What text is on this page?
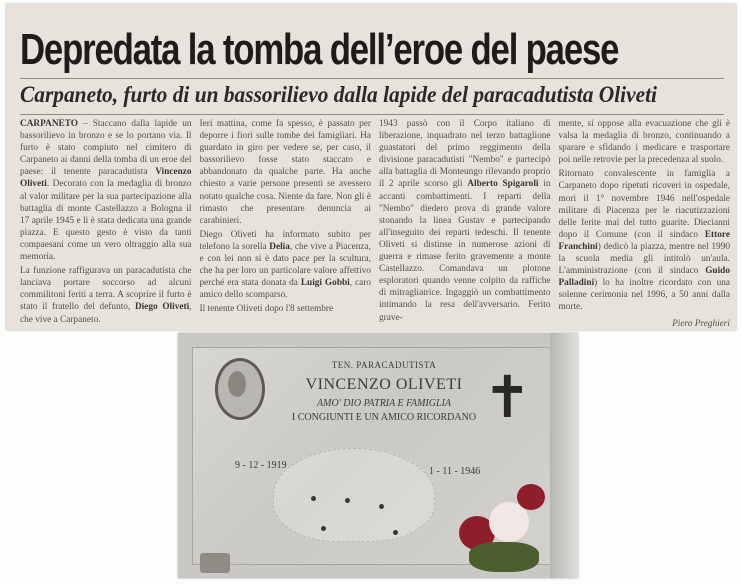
Depredata la tomba dell’eroe del paese
Carpaneto, furto di un bassorilievo dalla lapide del paracadutista Oliveti

CARPANETO – Staccano dalla lapide un bassorilievo in bronzo e se lo portano via. Il furto è stato compiuto nel cimitero di Carpaneto ai danni della tomba di un eroe del paese: il tenente paracadutista Vincenzo Oliveti. Decorato con la medaglia di bronzo al valor militare per la sua partecipazione alla battaglia di monte Castellazzo a Bologna il 17 aprile 1945 e lì è stata dedicata una grande piazza. E questo gesto è visto da tanti compaesani come un vero oltraggio alla sua memoria.

La funzione raffigurava un paracadutista che lanciava portare soccorso ad alcuni commilitoni feriti a terra. A scoprire il furto è stato il fratello del defunto, Diego Oliveti, che vive a Carpaneto.

Ieri mattina, come fa spesso, è passato per deporre i fiori sulle tombe dei famigliari. Ha guardato in giro per vedere se, per caso, il bassorilievo fosse stato staccato e abbandonato da qualche parte. Ha anche chiesto a varie persone presenti se avessero notato qualche cosa. Niente da fare. Non gli è rimasto che presentare denuncia ai carabinieri.

Diego Oliveti ha informato subito per telefono la sorella Delia, che vive a Piacenza, e con lei non si è dato pace per la scultura, che ha per loro un particolare valore affettivo perché era stata donata da Luigi Gobbi, caro amico dello scomparso.

Il tenente Oliveti dopo l'8 settembre

1943 passò con il Corpo italiano di liberazione, inquadrato nel terzo battaglione guastatori del primo reggimento della divisione paracadutisti "Nembo" e partecipò alla battaglia di Monteungo rilevando proprio il 2 aprile scorso gli Alberto Spigaroli in accanti combattimenti. I reparti della "Nembo" diedero prova di grande valore stonando la linea Gustav e partecipando all'inseguito dei reparti tedeschi. Il tenente Oliveti si distinse in numerose azioni di guerra e rimase ferito gravemente a monte Castellazzo. Comandava un plotone esploratori quando venne colpito da raffiche di mitragliatrice. Ingaggiò un combattimento intimando la resa dell'avversario. Ferito grave-

mente, si oppose alla evacuazione che gli è valsa la medaglia di bronzo, continuando a sparare e sfidando i medicare e trasportare poi nelle retrovie per la precedenza al suolo.

Ritornato convalescente in famiglia a Carpaneto dopo ripetuti ricoveri in ospedale, morì il 1° novembre 1946 nell'ospedale militare di Piacenza per le riacutizzazioni delle ferite mai del tutto guarite. Diecianni dopo il Comune (con il sindaco Ettore Franchini) dedicò la piazza, mentre nel 1990 la scuola media gli intitolò un'aula. L'amministrazione (con il sindaco Guido Palladini) lo ha inoltre ricordato con una solenne cerimonia nel 1996, a 50 anni dalla morte.

Piero Preghieri

TEN. PARACADUTISTA
VINCENZO OLIVETI
AMO' DIO PATRIA E FAMIGLIA
I CONGIUNTI E UN AMICO RICORDANO ✝
9 - 12 - 1919
1 - 11 - 1946
